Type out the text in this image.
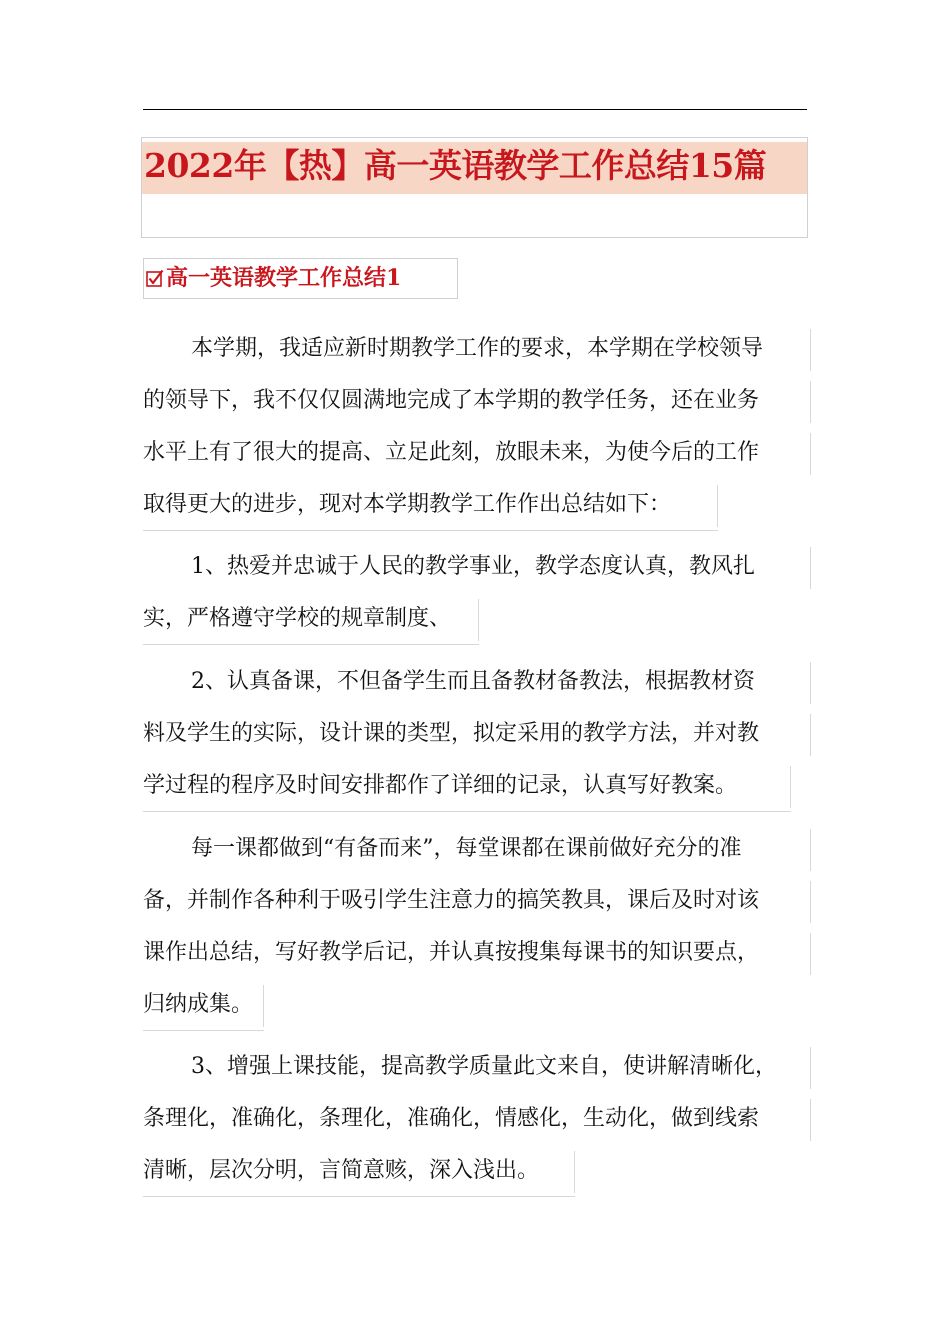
2022年【热】高一英语教学工作总结15篇
高一英语教学工作总结1
本学期，我适应新时期教学工作的要求，本学期在学校领导
的领导下，我不仅仅圆满地完成了本学期的教学任务，还在业务
水平上有了很大的提高、立足此刻，放眼未来，为使今后的工作
取得更大的进步，现对本学期教学工作作出总结如下：
1、热爱并忠诚于人民的教学事业，教学态度认真，教风扎
实，严格遵守学校的规章制度、
2、认真备课，不但备学生而且备教材备教法，根据教材资
料及学生的实际，设计课的类型，拟定采用的教学方法，并对教
学过程的程序及时间安排都作了详细的记录，认真写好教案。
每一课都做到“有备而来”，每堂课都在课前做好充分的准
备，并制作各种利于吸引学生注意力的搞笑教具，课后及时对该
课作出总结，写好教学后记，并认真按搜集每课书的知识要点，
归纳成集。
3、增强上课技能，提高教学质量此文来自，使讲解清晰化，
条理化，准确化，条理化，准确化，情感化，生动化，做到线索
清晰，层次分明，言简意赅，深入浅出。
